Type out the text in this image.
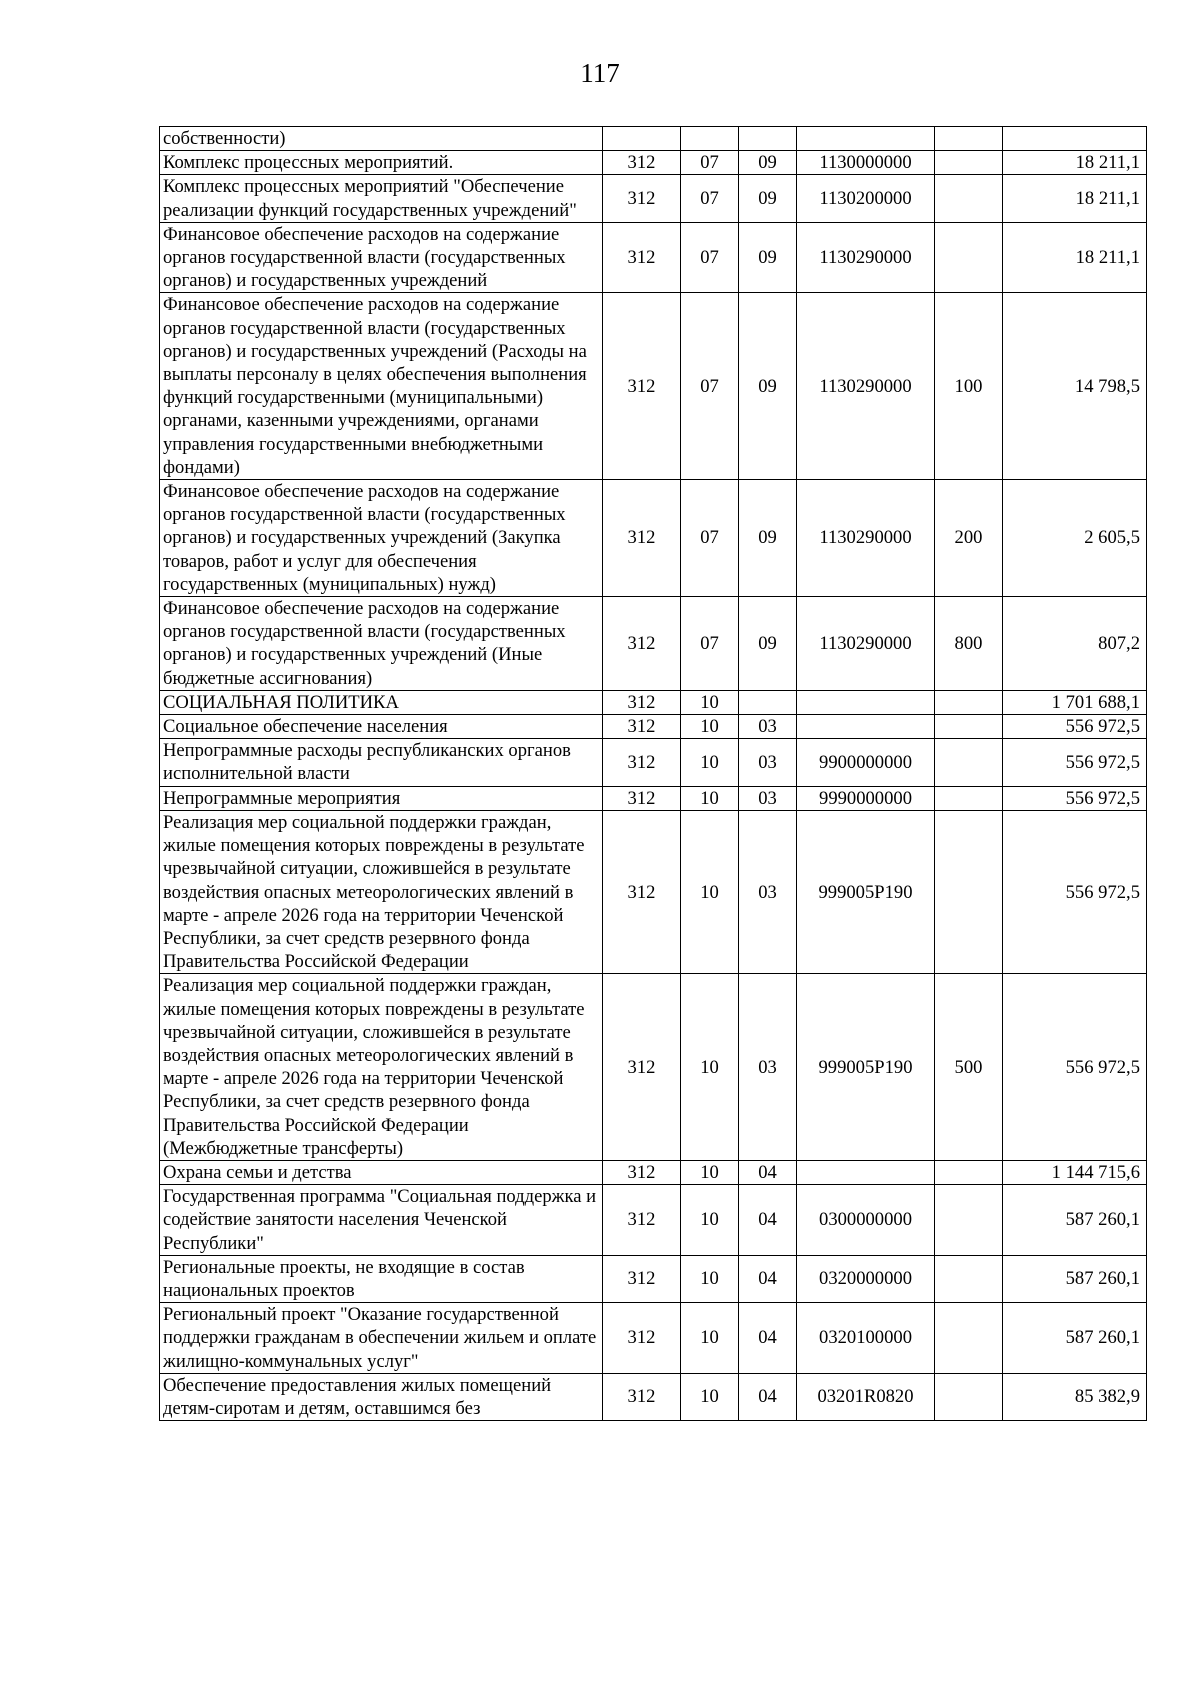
117
собственности)						
Комплекс процессных мероприятий.	312	07	09	1130000000		18 211,1
Комплекс процессных мероприятий "Обеспечение реализации функций государственных учреждений"	312	07	09	1130200000		18 211,1
Финансовое обеспечение расходов на содержание органов государственной власти (государственных органов) и государственных учреждений	312	07	09	1130290000		18 211,1
Финансовое обеспечение расходов на содержание органов государственной власти (государственных органов) и государственных учреждений (Расходы на выплаты персоналу в целях обеспечения выполнения функций государственными (муниципальными) органами, казенными учреждениями, органами управления государственными внебюджетными фондами)	312	07	09	1130290000	100	14 798,5
Финансовое обеспечение расходов на содержание органов государственной власти (государственных органов) и государственных учреждений (Закупка товаров, работ и услуг для обеспечения государственных (муниципальных) нужд)	312	07	09	1130290000	200	2 605,5
Финансовое обеспечение расходов на содержание органов государственной власти (государственных органов) и государственных учреждений (Иные бюджетные ассигнования)	312	07	09	1130290000	800	807,2
СОЦИАЛЬНАЯ ПОЛИТИКА	312	10				1 701 688,1
Социальное обеспечение населения	312	10	03			556 972,5
Непрограммные расходы республиканских органов исполнительной власти	312	10	03	9900000000		556 972,5
Непрограммные мероприятия	312	10	03	9990000000		556 972,5
Реализация мер социальной поддержки граждан, жилые помещения которых повреждены в результате чрезвычайной ситуации, сложившейся в результате воздействия опасных метеорологических явлений в марте - апреле 2026 года на территории Чеченской Республики, за счет средств резервного фонда Правительства Российской Федерации	312	10	03	999005Р190		556 972,5
Реализация мер социальной поддержки граждан, жилые помещения которых повреждены в результате чрезвычайной ситуации, сложившейся в результате воздействия опасных метеорологических явлений в марте - апреле 2026 года на территории Чеченской Республики, за счет средств резервного фонда Правительства Российской Федерации (Межбюджетные трансферты)	312	10	03	999005Р190	500	556 972,5
Охрана семьи и детства	312	10	04			1 144 715,6
Государственная программа "Социальная поддержка и содействие занятости населения Чеченской Республики"	312	10	04	0300000000		587 260,1
Региональные проекты, не входящие в состав национальных проектов	312	10	04	0320000000		587 260,1
Региональный проект "Оказание государственной поддержки гражданам в обеспечении жильем и оплате жилищно-коммунальных услуг"	312	10	04	0320100000		587 260,1
Обеспечение предоставления жилых помещений детям-сиротам и детям, оставшимся без	312	10	04	03201R0820		85 382,9
